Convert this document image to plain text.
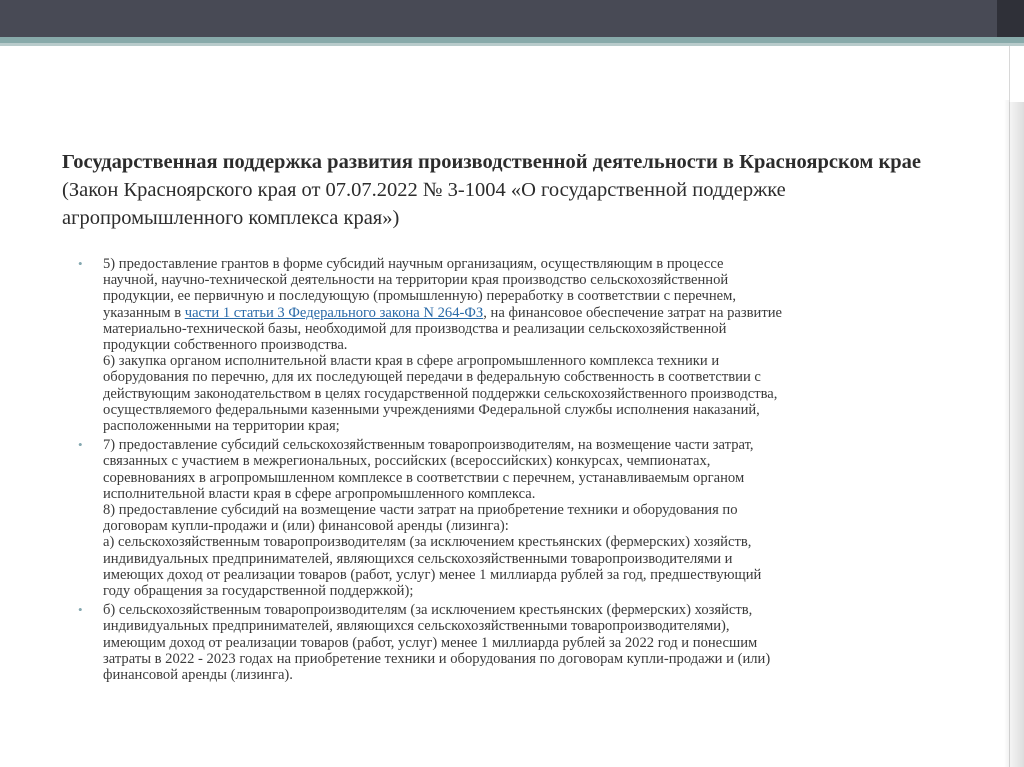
Государственная поддержка развития производственной деятельности в Красноярском крае (Закон Красноярского края от 07.07.2022 № 3-1004 «О государственной поддержке агропромышленного комплекса края»)
• 5) предоставление грантов в форме субсидий научным организациям, осуществляющим в процессе
научной, научно-технической деятельности на территории края производство сельскохозяйственной
продукции, ее первичную и последующую (промышленную) переработку в соответствии с перечнем,
указанным в части 1 статьи 3 Федерального закона N 264-ФЗ, на финансовое обеспечение затрат на развитие
материально-технической базы, необходимой для производства и реализации сельскохозяйственной
продукции собственного производства.
6) закупка органом исполнительной власти края в сфере агропромышленного комплекса техники и
оборудования по перечню, для их последующей передачи в федеральную собственность в соответствии с
действующим законодательством в целях государственной поддержки сельскохозяйственного производства,
осуществляемого федеральными казенными учреждениями Федеральной службы исполнения наказаний,
расположенными на территории края;
• 7) предоставление субсидий сельскохозяйственным товаропроизводителям, на возмещение части затрат,
связанных с участием в межрегиональных, российских (всероссийских) конкурсах, чемпионатах,
соревнованиях в агропромышленном комплексе в соответствии с перечнем, устанавливаемым органом
исполнительной власти края в сфере агропромышленного комплекса.
8) предоставление субсидий на возмещение части затрат на приобретение техники и оборудования по
договорам купли-продажи и (или) финансовой аренды (лизинга):
а) сельскохозяйственным товаропроизводителям (за исключением крестьянских (фермерских) хозяйств,
индивидуальных предпринимателей, являющихся сельскохозяйственными товаропроизводителями и
имеющих доход от реализации товаров (работ, услуг) менее 1 миллиарда рублей за год, предшествующий
году обращения за государственной поддержкой);
• б) сельскохозяйственным товаропроизводителям (за исключением крестьянских (фермерских) хозяйств,
индивидуальных предпринимателей, являющихся сельскохозяйственными товаропроизводителями),
имеющим доход от реализации товаров (работ, услуг) менее 1 миллиарда рублей за 2022 год и понесшим
затраты в 2022 - 2023 годах на приобретение техники и оборудования по договорам купли-продажи и (или)
финансовой аренды (лизинга).
